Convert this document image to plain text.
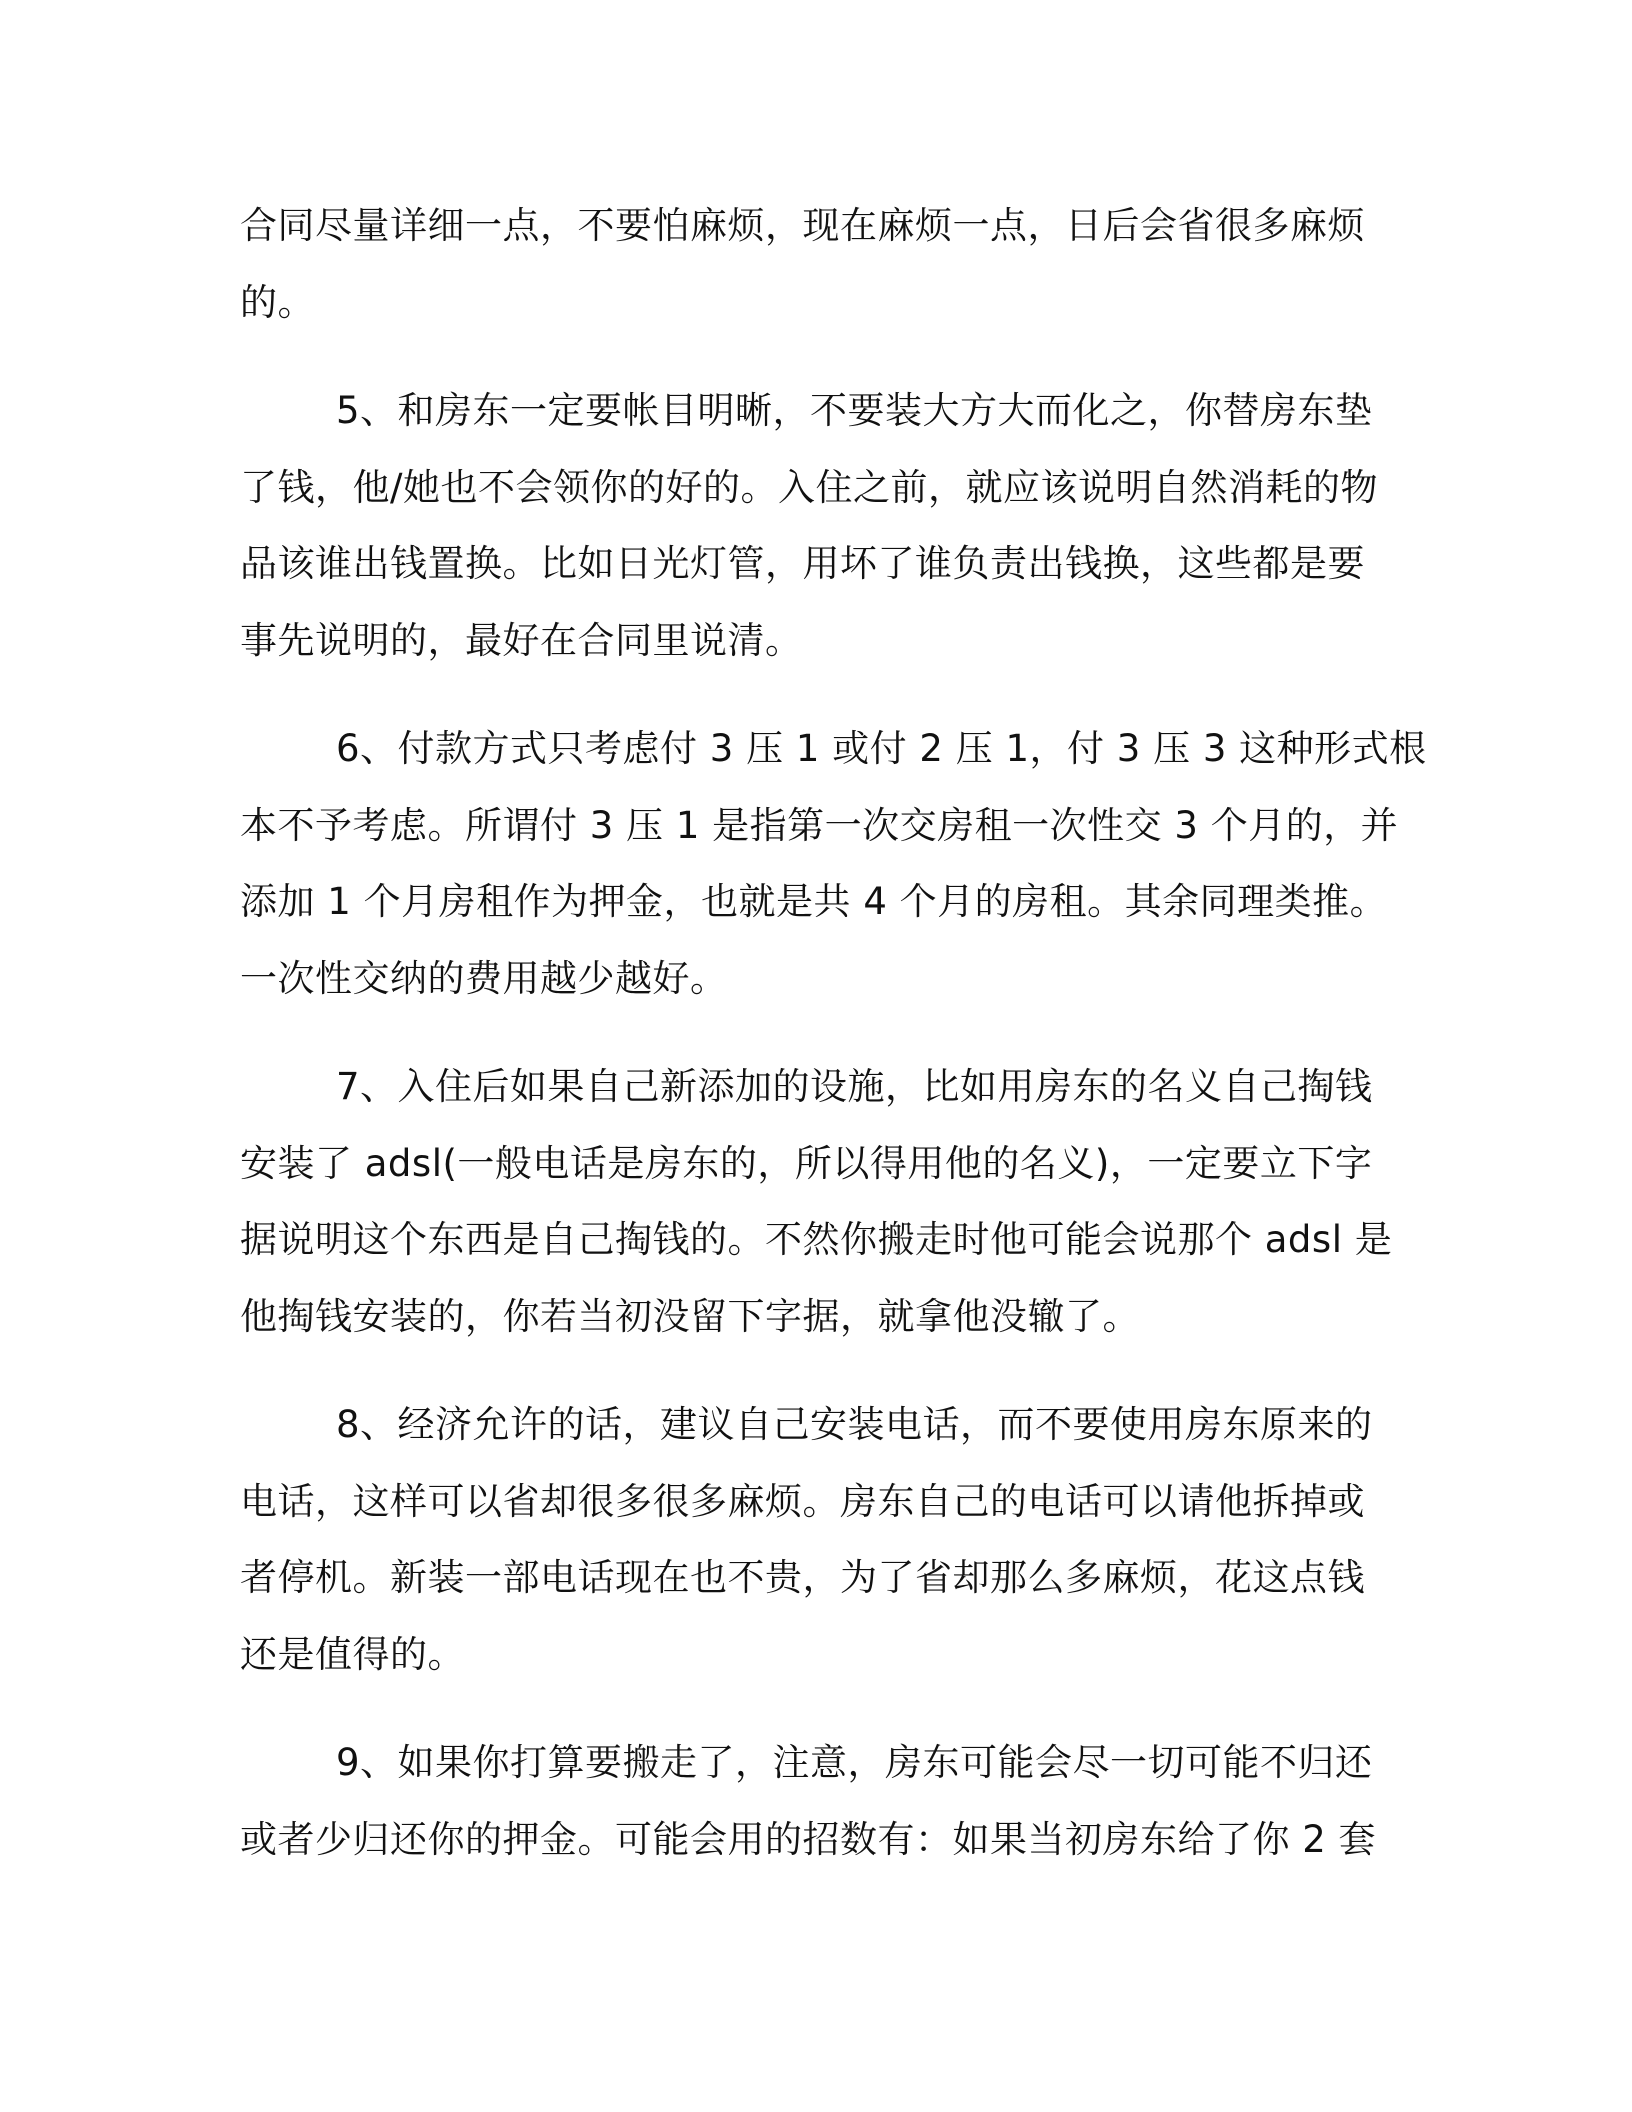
合同尽量详细一点，不要怕麻烦，现在麻烦一点，日后会省很多麻烦
的。
5、和房东一定要帐目明晰，不要装大方大而化之，你替房东垫
了钱，他/她也不会领你的好的。入住之前，就应该说明自然消耗的物
品该谁出钱置换。比如日光灯管，用坏了谁负责出钱换，这些都是要
事先说明的，最好在合同里说清。
6、付款方式只考虑付 3 压 1 或付 2 压 1，付 3 压 3 这种形式根
本不予考虑。所谓付 3 压 1 是指第一次交房租一次性交 3 个月的，并
添加 1 个月房租作为押金，也就是共 4 个月的房租。其余同理类推。
一次性交纳的费用越少越好。
7、入住后如果自己新添加的设施，比如用房东的名义自己掏钱
安装了 adsl(一般电话是房东的，所以得用他的名义)，一定要立下字
据说明这个东西是自己掏钱的。不然你搬走时他可能会说那个 adsl 是
他掏钱安装的，你若当初没留下字据，就拿他没辙了。
8、经济允许的话，建议自己安装电话，而不要使用房东原来的
电话，这样可以省却很多很多麻烦。房东自己的电话可以请他拆掉或
者停机。新装一部电话现在也不贵，为了省却那么多麻烦，花这点钱
还是值得的。
9、如果你打算要搬走了，注意，房东可能会尽一切可能不归还
或者少归还你的押金。可能会用的招数有：如果当初房东给了你 2 套
